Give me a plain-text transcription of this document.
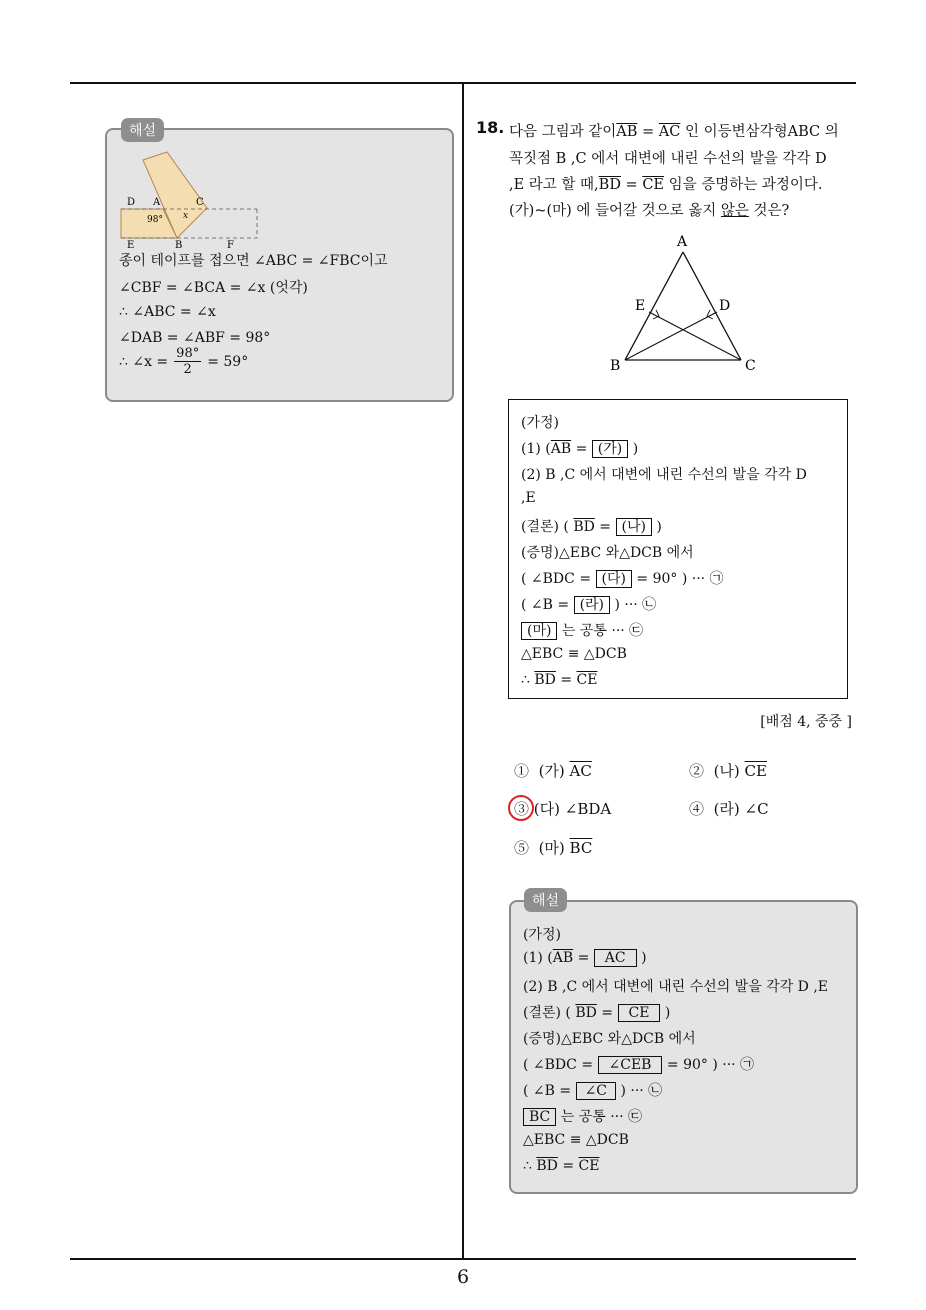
6
D A	C
E	B	F
98° x
종이 테이프를 접으면 ∠ABC = ∠FBC이고
∠CBF = ∠BCA = ∠x (엇각)
∴ ∠ABC = ∠x
∠DAB = ∠ABF = 98°
∴ ∠x = $\frac{98^\circ}{2} = 59^\circ$
해설	18. 다음 그림과 같이$\overline{AB} = \overline{AC}$ 인 이등변삼각형ABC 의
꼭짓점 B ,C 에서 대변에 내린 수선의 발을 각각 D
,E 라고 할 때$,\overline{BD} = \overline{CE}$ 임을 증명하는 과정이다.
(가)~(마) 에 들어갈 것으로 옳지 않은 것은?
A
E	D
B	C
(가정)
(1) ($\overline{AB}$ = (가) )
(2) B ,C 에서 대변에 내린 수선의 발을 각각 D
,E
(결론) ( $\overline{BD}$ = (나) )
(증명)△EBC 와△DCB 에서
( ∠BDC = (다) = 90° ) ··· ㉠
( ∠B = (라) ) ··· ㉡
(마) 는 공통 ··· ㉢
△EBC ≡ △DCB
∴ $\overline{BD} = \overline{CE}$
[배점 4, 중중 ]
① (가) $\overline{AC}$	② (나) $\overline{CE}$
③ (다) ∠BDA	④ (라) ∠C
⑤ (마) $\overline{BC}$
(가정)
(1) ($\overline{AB}$ = AC )
(2) B ,C 에서 대변에 내린 수선의 발을 각각 D ,E
(결론) ( $\overline{BD}$ = CE )
(증명)△EBC 와△DCB 에서
( ∠BDC = ∠CEB = 90° ) ··· ㉠
( ∠B = ∠C ) ··· ㉡
$\overline{BC}$ 는 공통 ··· ㉢
△EBC ≡ △DCB
∴ $\overline{BD} = \overline{CE}$
해설
